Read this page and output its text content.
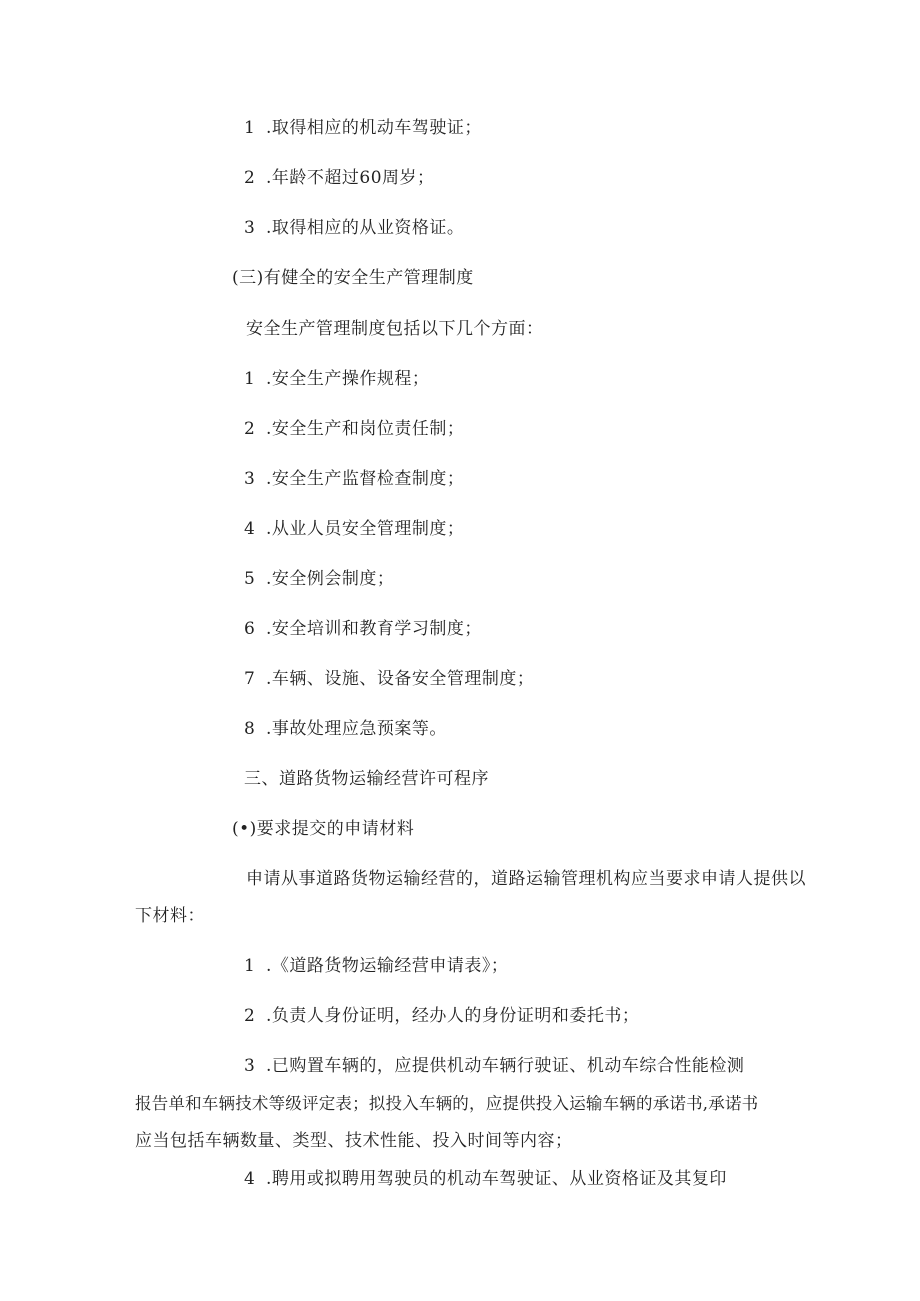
1 .取得相应的机动车驾驶证；
2 .年龄不超过60周岁；
3 .取得相应的从业资格证。
(三)有健全的安全生产管理制度
安全生产管理制度包括以下几个方面：
1 .安全生产操作规程；
2 .安全生产和岗位责任制；
3 .安全生产监督检查制度；
4 .从业人员安全管理制度；
5 .安全例会制度；
6 .安全培训和教育学习制度；
7 .车辆、设施、设备安全管理制度；
8 .事故处理应急预案等。
三、道路货物运输经营许可程序
(•)要求提交的申请材料
申请从事道路货物运输经营的，道路运输管理机构应当要求申请人提供以
下材料：
1 .《道路货物运输经营申请表》；
2 .负责人身份证明，经办人的身份证明和委托书；
3 .已购置车辆的，应提供机动车辆行驶证、机动车综合性能检测
报告单和车辆技术等级评定表；拟投入车辆的，应提供投入运输车辆的承诺书,承诺书
应当包括车辆数量、类型、技术性能、投入时间等内容；
4 .聘用或拟聘用驾驶员的机动车驾驶证、从业资格证及其复印
